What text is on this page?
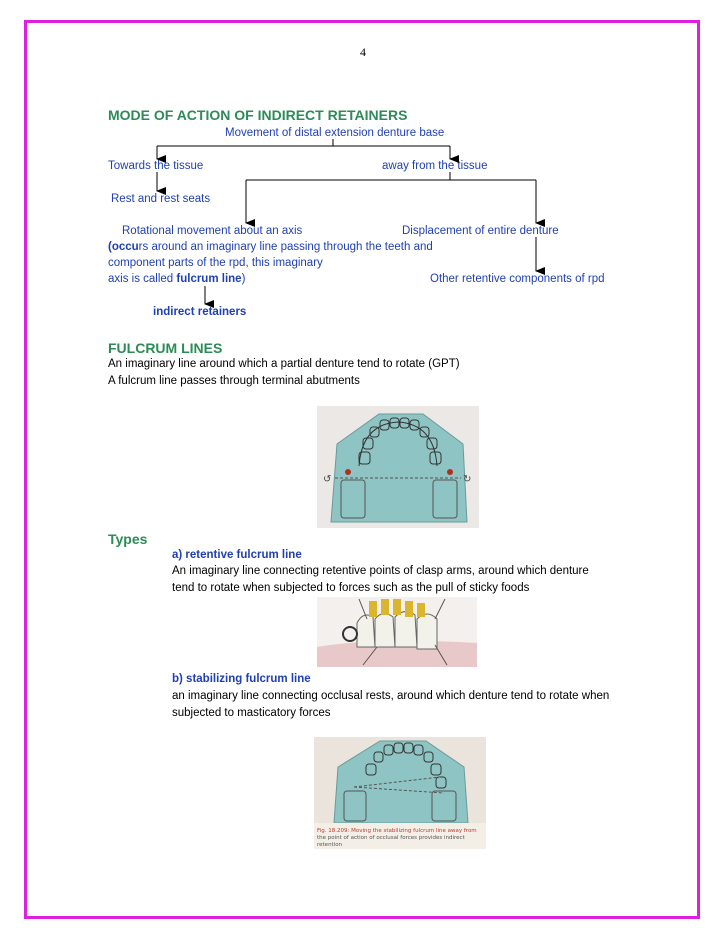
4
MODE OF ACTION OF INDIRECT RETAINERS
Movement of distal extension denture base
Towards the tissue	away from the tissue
Rest and rest seats
Rotational movement about an axis	Displacement of entire denture
(occurs around an imaginary line passing through the teeth and
component parts of the rpd, this imaginary
axis is called fulcrum line)	Other retentive components of rpd
indirect retainers
FULCRUM LINES
An imaginary line around which a partial denture tend to rotate (GPT)
A fulcrum line passes through terminal abutments
↺	↻
Types
a) retentive fulcrum line
An imaginary line connecting retentive points of clasp arms, around which denture
tend to rotate when subjected to forces such as the pull of sticky foods
b) stabilizing fulcrum line
an imaginary line connecting occlusal rests, around which denture tend to rotate when
subjected to masticatory forces
Fig. 18.209: Moving the stabilizing fulcrum line away from
the point of action of occlusal forces provides indirect
retention
